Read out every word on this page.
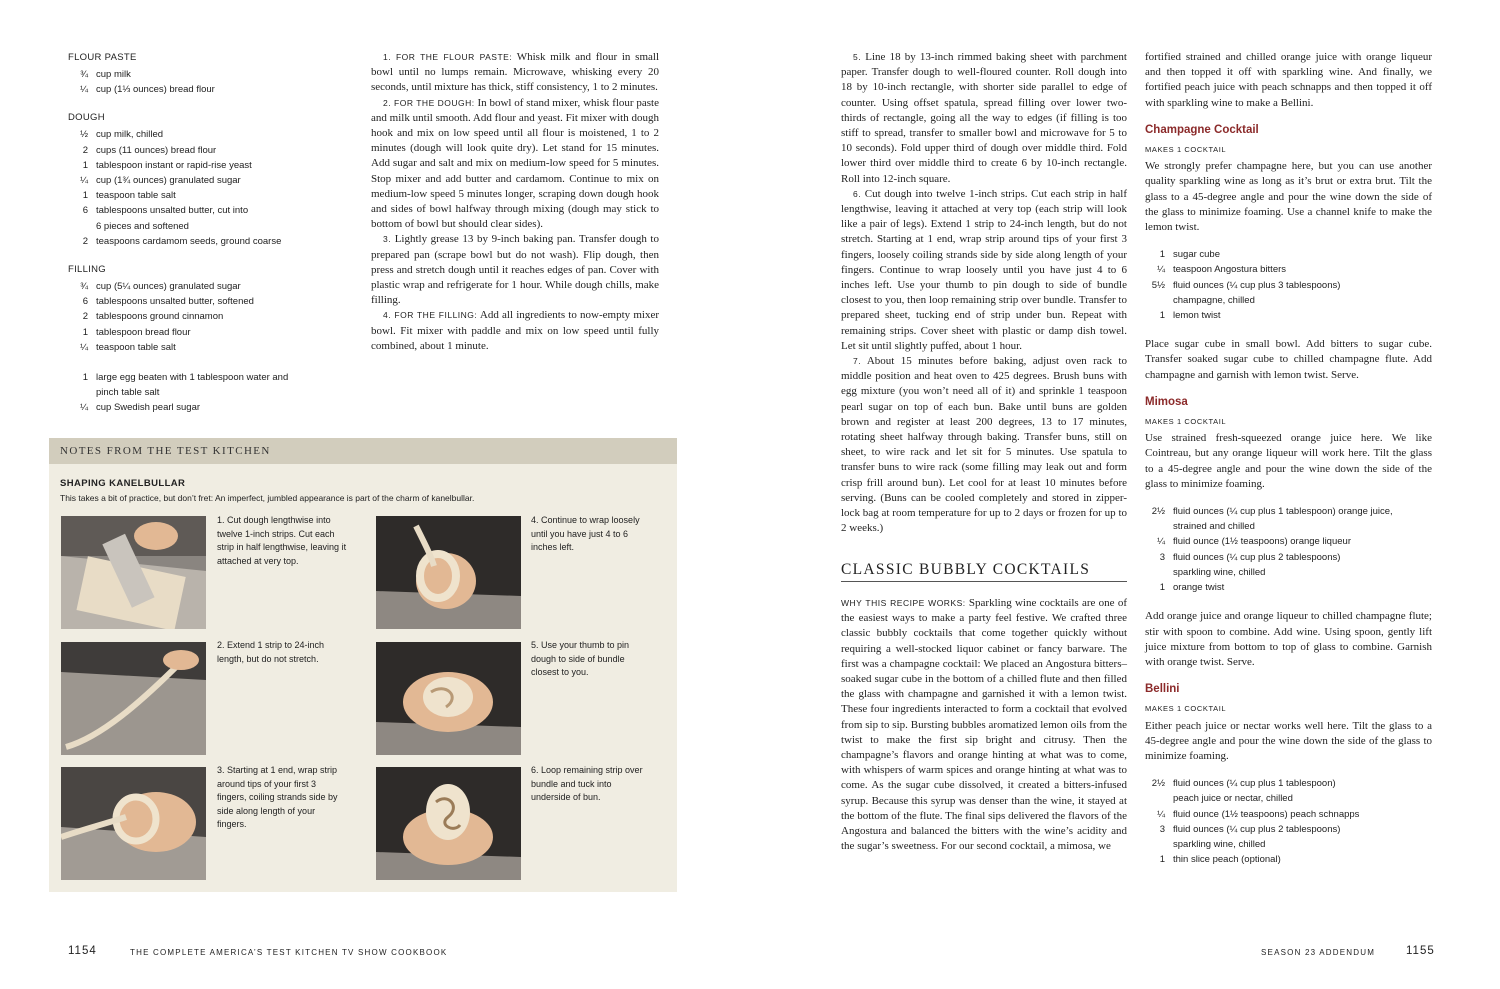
FLOUR PASTE
¾ cup milk
¼ cup (1⅓ ounces) bread flour
DOUGH
½ cup milk, chilled
2 cups (11 ounces) bread flour
1 tablespoon instant or rapid-rise yeast
¼ cup (1¾ ounces) granulated sugar
1 teaspoon table salt
6 tablespoons unsalted butter, cut into
6 pieces and softened
2 teaspoons cardamom seeds, ground coarse
FILLING
¾ cup (5¼ ounces) granulated sugar
6 tablespoons unsalted butter, softened
2 tablespoons ground cinnamon
1 tablespoon bread flour
¼ teaspoon table salt
1 large egg beaten with 1 tablespoon water and
pinch table salt
¼ cup Swedish pearl sugar

1. FOR THE FLOUR PASTE: Whisk milk and flour in small bowl until no lumps remain. Microwave, whisking every 20 seconds, until mixture has thick, stiff consistency, 1 to 2 minutes.

2. FOR THE DOUGH: In bowl of stand mixer, whisk flour paste and milk until smooth. Add flour and yeast. Fit mixer with dough hook and mix on low speed until all flour is moistened, 1 to 2 minutes (dough will look quite dry). Let stand for 15 minutes. Add sugar and salt and mix on medium-low speed for 5 minutes. Stop mixer and add butter and cardamom. Continue to mix on medium-low speed 5 minutes longer, scraping down dough hook and sides of bowl halfway through mixing (dough may stick to bottom of bowl but should clear sides).

3. Lightly grease 13 by 9-inch baking pan. Transfer dough to prepared pan (scrape bowl but do not wash). Flip dough, then press and stretch dough until it reaches edges of pan. Cover with plastic wrap and refrigerate for 1 hour. While dough chills, make filling.

4. FOR THE FILLING: Add all ingredients to now-empty mixer bowl. Fit mixer with paddle and mix on low speed until fully combined, about 1 minute.

NOTES FROM THE TEST KITCHEN
SHAPING KANELBULLAR
This takes a bit of practice, but don’t fret: An imperfect, jumbled appearance is part of the charm of kanelbullar.
1. Cut dough lengthwise into twelve 1-inch strips. Cut each strip in half lengthwise, leaving it attached at very top.
2. Extend 1 strip to 24-inch length, but do not stretch.
3. Starting at 1 end, wrap strip around tips of your first 3 fingers, coiling strands side by side along length of your fingers.
4. Continue to wrap loosely until you have just 4 to 6 inches left.
5. Use your thumb to pin dough to side of bundle closest to you.
6. Loop remaining strip over bundle and tuck into underside of bun.
1154	THE COMPLETE AMERICA’S TEST KITCHEN TV SHOW COOKBOOK

5. Line 18 by 13-inch rimmed baking sheet with parchment paper. Transfer dough to well-floured counter. Roll dough into 18 by 10-inch rectangle, with shorter side parallel to edge of counter. Using offset spatula, spread filling over lower two-thirds of rectangle, going all the way to edges (if filling is too stiff to spread, transfer to smaller bowl and microwave for 5 to 10 seconds). Fold upper third of dough over middle third. Fold lower third over middle third to create 6 by 10-inch rectangle. Roll into 12-inch square.

6. Cut dough into twelve 1-inch strips. Cut each strip in half lengthwise, leaving it attached at very top (each strip will look like a pair of legs). Extend 1 strip to 24-inch length, but do not stretch. Starting at 1 end, wrap strip around tips of your first 3 fingers, loosely coiling strands side by side along length of your fingers. Continue to wrap loosely until you have just 4 to 6 inches left. Use your thumb to pin dough to side of bundle closest to you, then loop remaining strip over bundle. Transfer to prepared sheet, tucking end of strip under bun. Repeat with remaining strips. Cover sheet with plastic or damp dish towel. Let sit until slightly puffed, about 1 hour.

7. About 15 minutes before baking, adjust oven rack to middle position and heat oven to 425 degrees. Brush buns with egg mixture (you won’t need all of it) and sprinkle 1 teaspoon pearl sugar on top of each bun. Bake until buns are golden brown and register at least 200 degrees, 13 to 17 minutes, rotating sheet halfway through baking. Transfer buns, still on sheet, to wire rack and let sit for 5 minutes. Use spatula to transfer buns to wire rack (some filling may leak out and form crisp frill around bun). Let cool for at least 10 minutes before serving. (Buns can be cooled completely and stored in zipper-lock bag at room temperature for up to 2 days or frozen for up to 2 weeks.)

CLASSIC BUBBLY COCKTAILS

WHY THIS RECIPE WORKS: Sparkling wine cocktails are one of the easiest ways to make a party feel festive. We crafted three classic bubbly cocktails that come together quickly without requiring a well-stocked liquor cabinet or fancy barware. The first was a champagne cocktail: We placed an Angostura bitters–soaked sugar cube in the bottom of a chilled flute and then filled the glass with champagne and garnished it with a lemon twist. These four ingredients interacted to form a cocktail that evolved from sip to sip. Bursting bubbles aromatized lemon oils from the twist to make the first sip bright and citrusy. Then the champagne’s flavors and orange hinting at what was to come, with whispers of warm spices and orange hinting at what was to come. As the sugar cube dissolved, it created a bitters-infused syrup. Because this syrup was denser than the wine, it stayed at the bottom of the flute. The final sips delivered the flavors of the Angostura and balanced the bitters with the wine’s acidity and the sugar’s sweetness. For our second cocktail, a mimosa, we

fortified strained and chilled orange juice with orange liqueur and then topped it off with sparkling wine. And finally, we fortified peach juice with peach schnapps and then topped it off with sparkling wine to make a Bellini.

Champagne Cocktail

MAKES 1 COCKTAIL

We strongly prefer champagne here, but you can use another quality sparkling wine as long as it’s brut or extra brut. Tilt the glass to a 45-degree angle and pour the wine down the side of the glass to minimize foaming. Use a channel knife to make the lemon twist.

1 sugar cube
¼ teaspoon Angostura bitters
5½ fluid ounces (¼ cup plus 3 tablespoons)
champagne, chilled
1 lemon twist

Place sugar cube in small bowl. Add bitters to sugar cube. Transfer soaked sugar cube to chilled champagne flute. Add champagne and garnish with lemon twist. Serve.

Mimosa

MAKES 1 COCKTAIL

Use strained fresh-squeezed orange juice here. We like Cointreau, but any orange liqueur will work here. Tilt the glass to a 45-degree angle and pour the wine down the side of the glass to minimize foaming.

2½ fluid ounces (¼ cup plus 1 tablespoon) orange juice,
strained and chilled
¼ fluid ounce (1½ teaspoons) orange liqueur
3 fluid ounces (¼ cup plus 2 tablespoons)
sparkling wine, chilled
1 orange twist

Add orange juice and orange liqueur to chilled champagne flute; stir with spoon to combine. Add wine. Using spoon, gently lift juice mixture from bottom to top of glass to combine. Garnish with orange twist. Serve.

Bellini

MAKES 1 COCKTAIL

Either peach juice or nectar works well here. Tilt the glass to a 45-degree angle and pour the wine down the side of the glass to minimize foaming.

2½ fluid ounces (¼ cup plus 1 tablespoon)
peach juice or nectar, chilled
¼ fluid ounce (1½ teaspoons) peach schnapps
3 fluid ounces (¼ cup plus 2 tablespoons)
sparkling wine, chilled
1 thin slice peach (optional)
SEASON 23 ADDENDUM	1155
